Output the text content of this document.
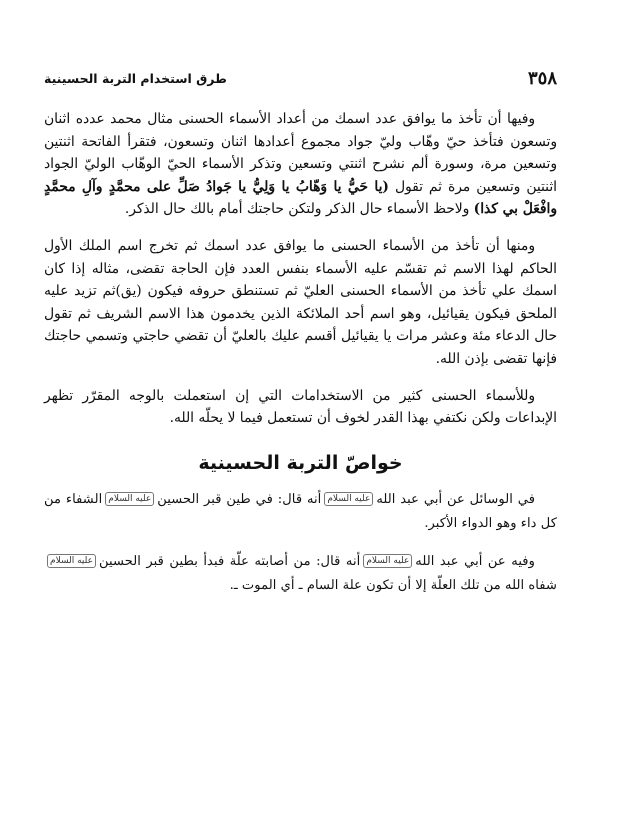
٣٥٨
طرق استخدام التربة الحسينية

وفيها أن تأخذ ما يوافق عدد اسمك من أعداد الأسماء الحسنى مثال محمد عدده اثنان وتسعون فتأخذ حيّ وهّاب وليّ جواد مجموع أعدادها اثنان وتسعون، فتقرأ الفاتحة اثنتين وتسعين مرة، وسورة ألم نشرح اثنتي وتسعين وتذكر الأسماء الحيّ الوهّاب الوليّ الجواد اثنتين وتسعين مرة ثم تقول (يا حَيُّ يا وَهّابُ يا وَلِيُّ يا جَوادُ صَلِّ على محمَّدٍ وآلِ محمَّدٍ وافْعَلْ بي كذا) ولاحظ الأسماء حال الذكر ولتكن حاجتك أمام بالك حال الذكر.

ومنها أن تأخذ من الأسماء الحسنى ما يوافق عدد اسمك ثم تخرج اسم الملك الأول الحاكم لهذا الاسم ثم تقسّم عليه الأسماء بنفس العدد فإن الحاجة تقضى، مثاله إذا كان اسمك علي تأخذ من الأسماء الحسنى العليّ ثم تستنطق حروفه فيكون (يق)ثم تزيد عليه الملحق فيكون يقيائيل، وهو اسم أحد الملائكة الذين يخدمون هذا الاسم الشريف ثم تقول حال الدعاء مئة وعشر مرات يا يقيائيل أقسم عليك بالعليّ أن تقضي حاجتي وتسمي حاجتك فإنها تقضى بإذن الله.

وللأسماء الحسنى كثير من الاستخدامات التي إن استعملت بالوجه المقرّر تظهر الإبداعات ولكن نكتفي بهذا القدر لخوف أن تستعمل فيما لا يحلّه الله.

خواصّ التربة الحسينية

في الوسائل عن أبي عبد اللهعليه السلامأنه قال: في طين قبر الحسينعليه السلامالشفاء من كل داء وهو الدواء الأكبر.

وفيه عن أبي عبد اللهعليه السلامأنه قال: من أصابته علّة فبدأ بطين قبر الحسينعليه السلامشفاه الله من تلك العلّة إلا أن تكون علة السام ـ أي الموت ـ.
